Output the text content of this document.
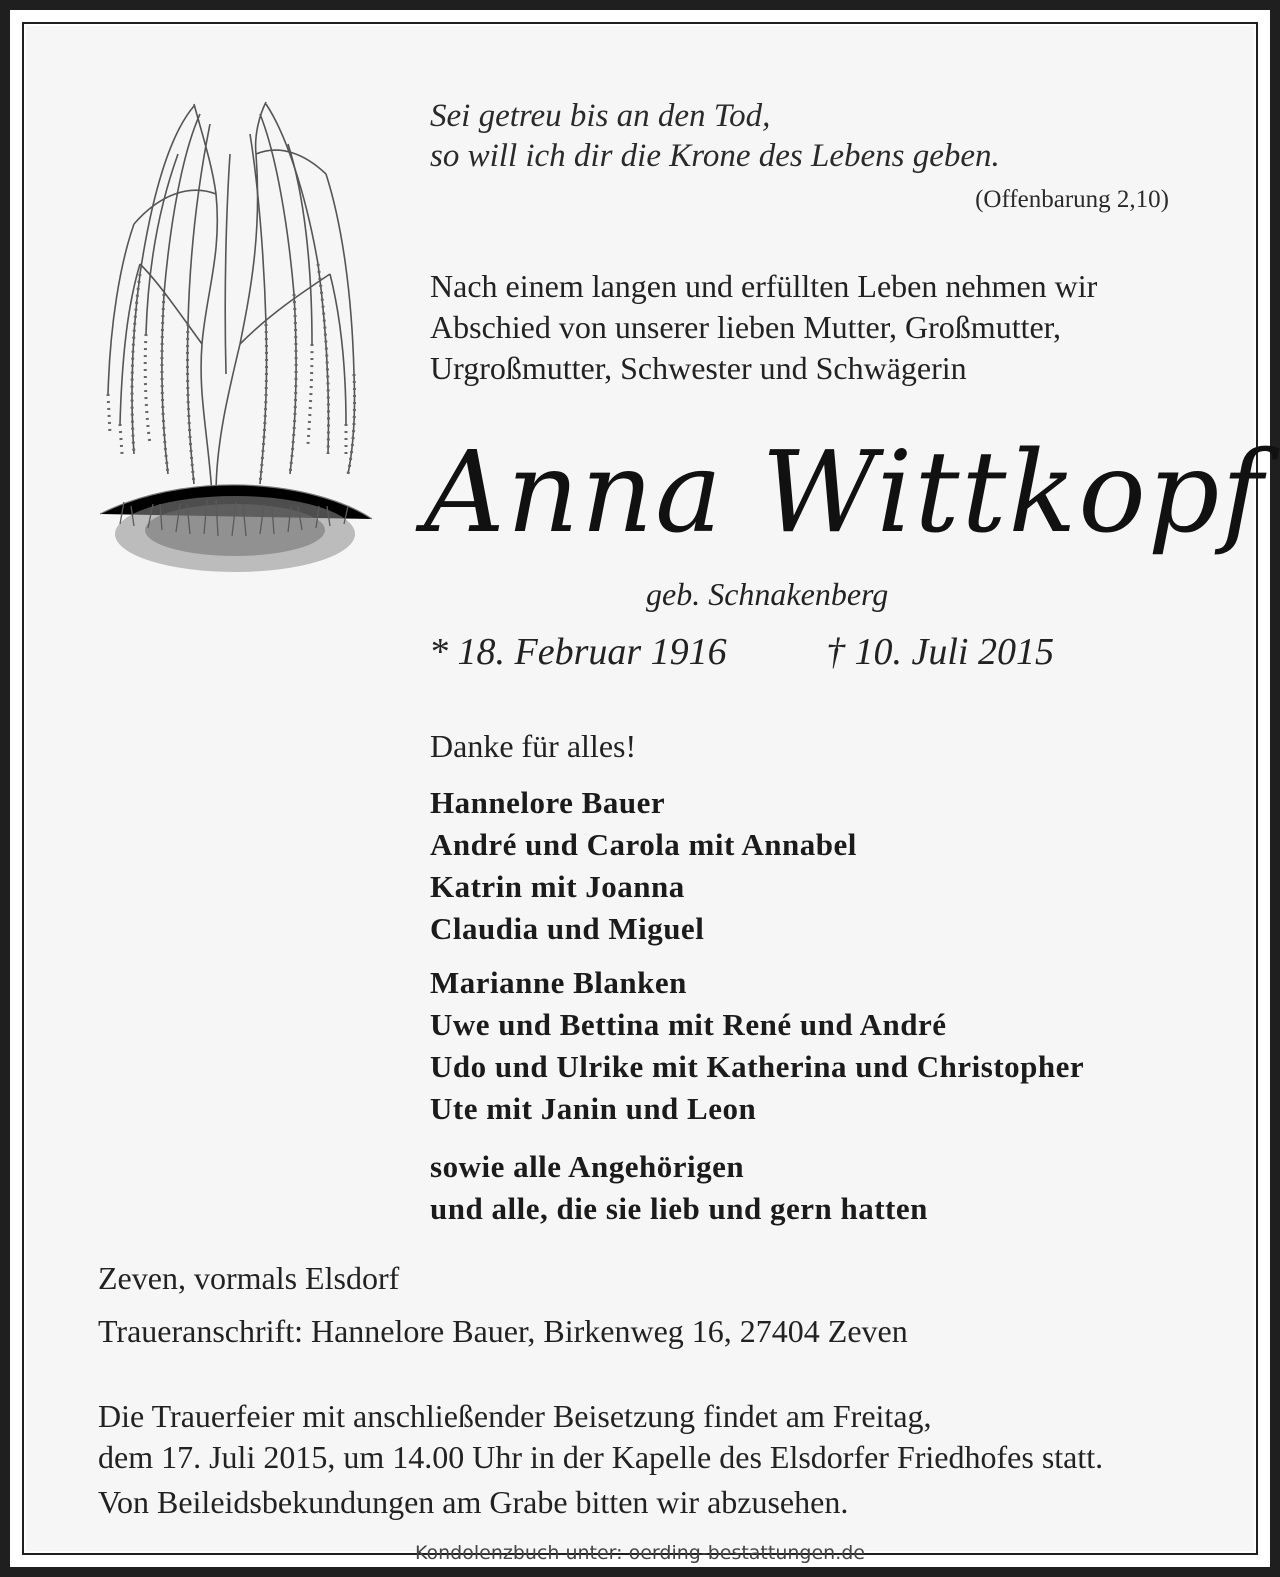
Sei getreu bis an den Tod,
so will ich dir die Krone des Lebens geben.
(Offenbarung 2,10)
Nach einem langen und erfüllten Leben nehmen wir
Abschied von unserer lieben Mutter, Großmutter,
Urgroßmutter, Schwester und Schwägerin
Anna Wittkopf
geb. Schnakenberg
* 18. Februar 1916	† 10. Juli 2015
Danke für alles!
Hannelore Bauer
André und Carola mit Annabel
Katrin mit Joanna
Claudia und Miguel
Marianne Blanken
Uwe und Bettina mit René und André
Udo und Ulrike mit Katherina und Christopher
Ute mit Janin und Leon
sowie alle Angehörigen
und alle, die sie lieb und gern hatten
Zeven, vormals Elsdorf
Traueranschrift: Hannelore Bauer, Birkenweg 16, 27404 Zeven
Die Trauerfeier mit anschließender Beisetzung findet am Freitag,
dem 17. Juli 2015, um 14.00 Uhr in der Kapelle des Elsdorfer Friedhofes statt.
Von Beileidsbekundungen am Grabe bitten wir abzusehen.
Kondolenzbuch unter: oerding-bestattungen.de
